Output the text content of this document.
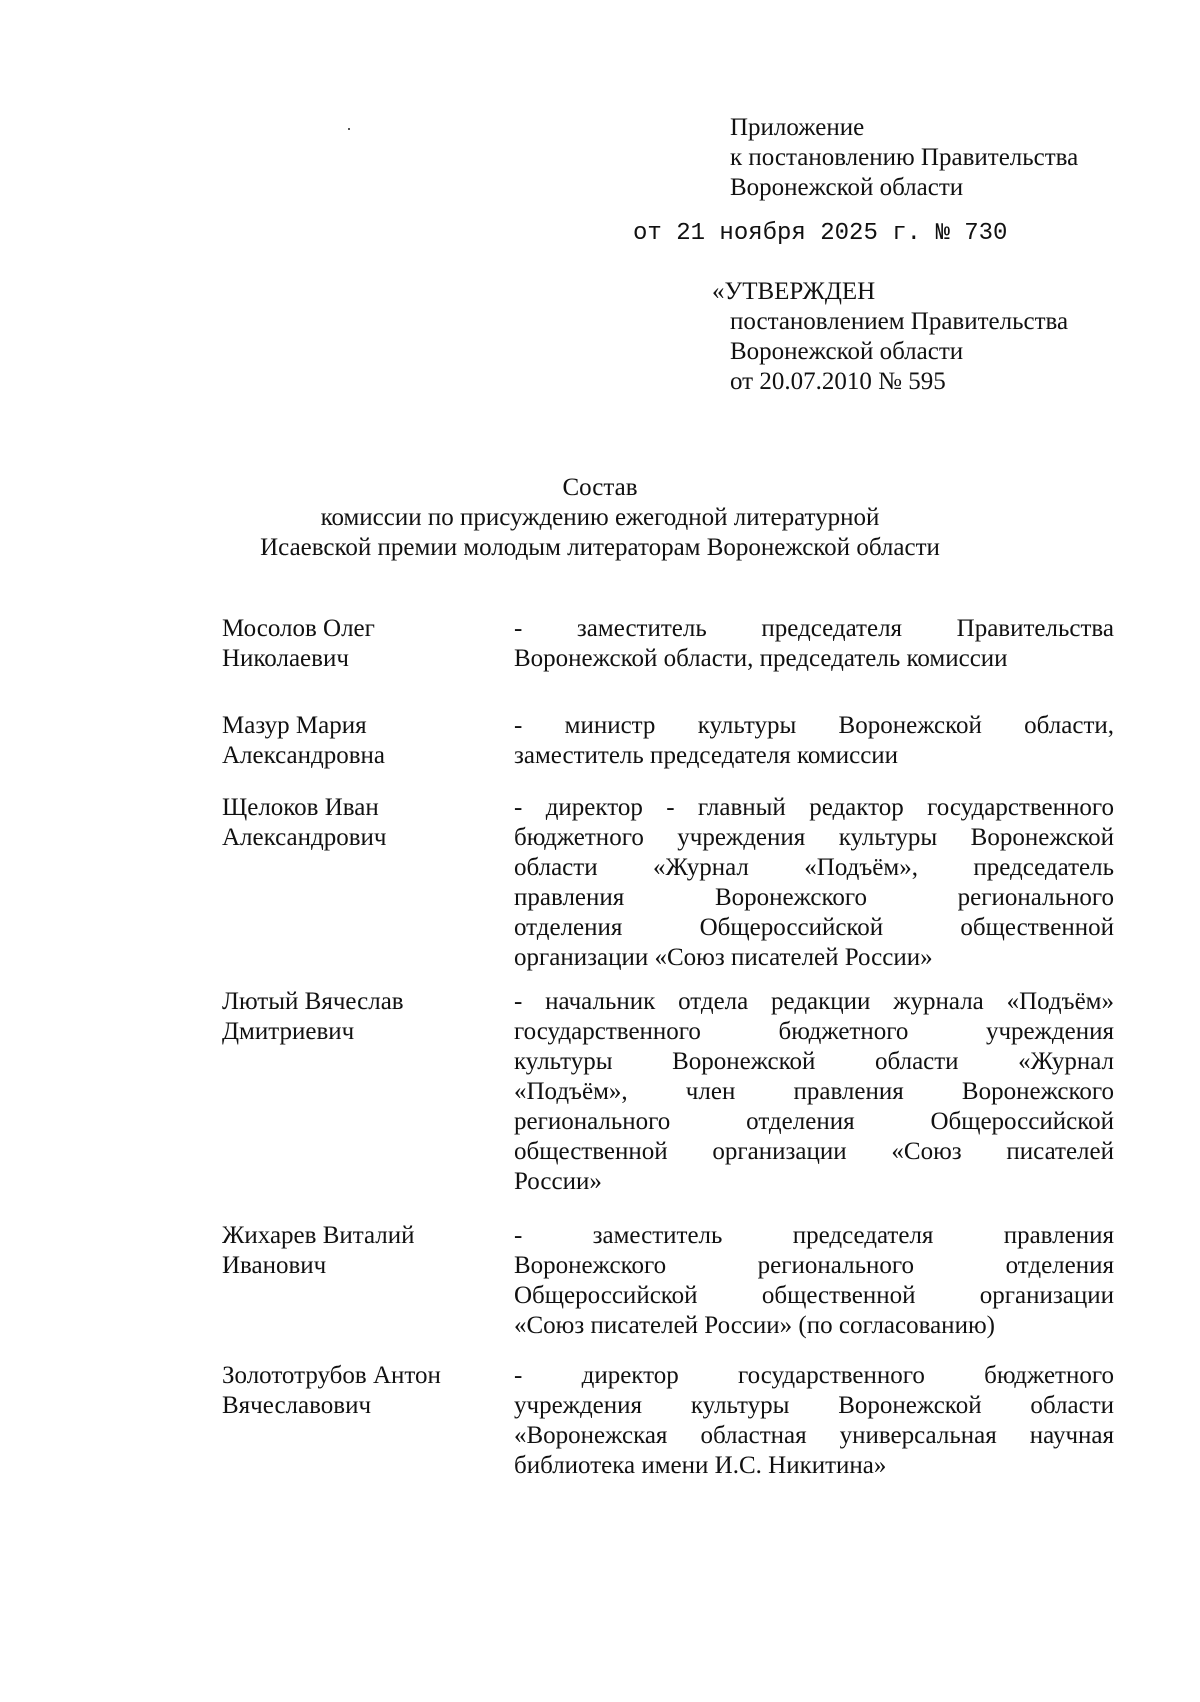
Приложение
к постановлению Правительства
Воронежской области
от 21 ноября 2025 г. № 730
«УТВЕРЖДЕН
постановлением Правительства
Воронежской области
от 20.07.2010 № 595
Состав
комиссии по присуждению ежегодной литературной
Исаевской премии молодым литераторам Воронежской области
Мосолов Олег
Николаевич
- заместитель председателя Правительства
Воронежской области, председатель комиссии
Мазур Мария
Александровна
- министр культуры Воронежской области,
заместитель председателя комиссии
Щелоков Иван
Александрович
- директор - главный редактор государственного
бюджетного учреждения культуры Воронежской
области «Журнал «Подъём», председатель
правления Воронежского регионального
отделения Общероссийской общественной
организации «Союз писателей России»
Лютый Вячеслав
Дмитриевич
- начальник отдела редакции журнала «Подъём»
государственного бюджетного учреждения
культуры Воронежской области «Журнал
«Подъём», член правления Воронежского
регионального отделения Общероссийской
общественной организации «Союз писателей
России»
Жихарев Виталий
Иванович
- заместитель председателя правления
Воронежского регионального отделения
Общероссийской общественной организации
«Союз писателей России» (по согласованию)
Золототрубов Антон
Вячеславович
- директор государственного бюджетного
учреждения культуры Воронежской области
«Воронежская областная универсальная научная
библиотека имени И.С. Никитина»
